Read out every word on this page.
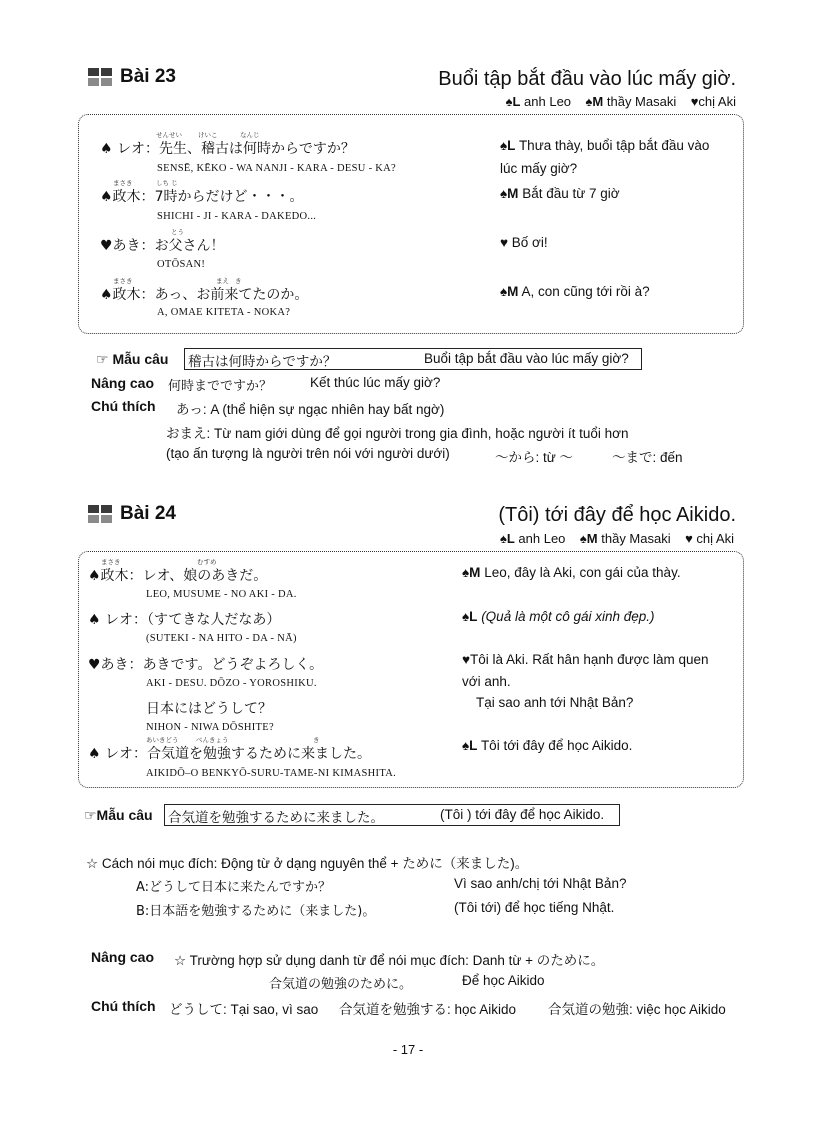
Bài 23	Buổi tập bắt đầu vào lúc mấy giờ.
♠L anh Leo ♠M thầy Masaki ♥chị Aki
♠ レオ：先生、稽古は何時からですか？
せんせい けいこ	なんじ
SENSĒ, KĒKO - WA NANJI - KARA - DESU - KA?
♠L Thưa thày, buổi tập bắt đầu vào
lúc mấy giờ?
♠政木：7時からだけど・・・。
まさき	しち じ
SHICHI - JI - KARA - DAKEDO...
♠M Bắt đầu từ 7 giờ
♥あき：お父さん！
とう
OTŌSAN!
♥ Bố ơi!
♠政木：あっ、お前来てたのか。
まさき	まえ き
A, OMAE KITETA - NOKA?
♠M A, con cũng tới rồi à?
☞ Mẫu câu 稽古は何時からですか？	Buổi tập bắt đầu vào lúc mấy giờ?
Nâng cao 何時までですか？	Kết thúc lúc mấy giờ?
Chú thích あっ: A (thể hiện sự ngạc nhiên hay bất ngờ)
おまえ: Từ nam giới dùng để gọi người trong gia đình, hoặc người ít tuổi hơn
(tạo ấn tượng là người trên nói với người dưới)	～から: từ ～	～まで: đến
Bài 24	(Tôi) tới đây để học Aikido.
♠L anh Leo ♠M thầy Masaki ♥ chị Aki
♠政木：レオ、娘のあきだ。
まさき	むすめ
LEO, MUSUME - NO AKI - DA.
♠M Leo, đây là Aki, con gái của thày.
♠ レオ：（すてきな人だなあ）
(SUTEKI - NA HITO - DA - NĀ)
♠L (Quả là một cô gái xinh đẹp.)
♥あき：あきです。どうぞよろしく。
AKI - DESU. DŌZO - YOROSHIKU.
♥Tôi là Aki. Rất hân hạnh được làm quen
với anh.
日本にはどうして？
NIHON - NIWA DŌSHITE?
Tại sao anh tới Nhật Bản?
♠ レオ：合気道を勉強するために来ました。
あいきどう	べんきょう	き
AIKIDŌ–O BENKYŌ-SURU-TAME-NI KIMASHITA.
♠L Tôi tới đây để học Aikido.
☞Mẫu câu 合気道を勉強するために来ました。	(Tôi ) tới đây để học Aikido.
☆ Cách nói mục đích: Động từ ở dạng nguyên thể + ために（来ました)。
A:どうして日本に来たんですか？	Vì sao anh/chị tới Nhật Bản?
B:日本語を勉強するために（来ました)。	(Tôi tới) để học tiếng Nhật.
Nâng cao ☆ Trường hợp sử dụng danh từ để nói mục đích: Danh từ + のために。
合気道の勉強のために。	Để học Aikido
Chú thích どうして: Tại sao, vì sao 合気道を勉強する: học Aikido 合気道の勉強: việc học Aikido
- 17 -
